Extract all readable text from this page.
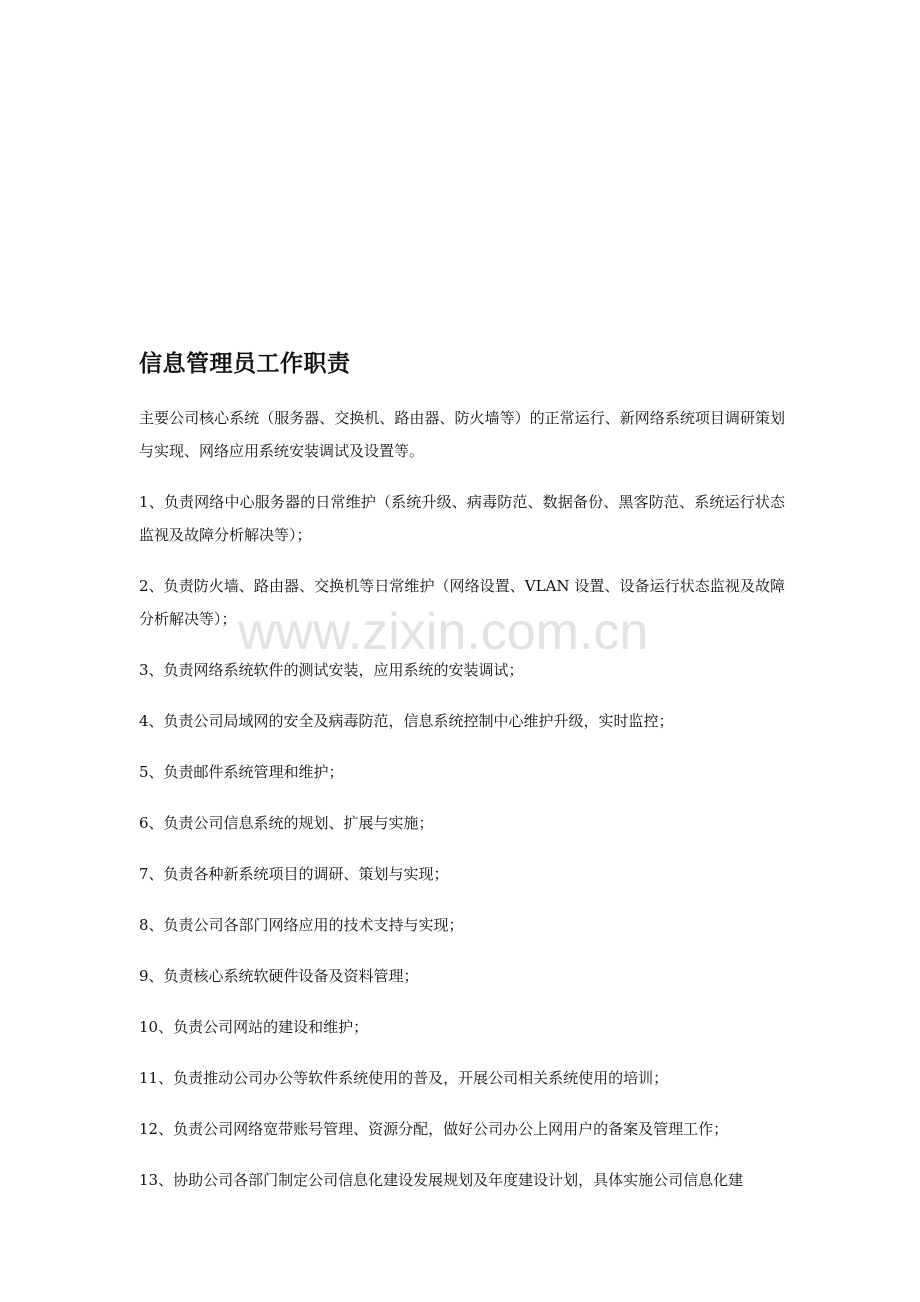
信息管理员工作职责

主要公司核心系统（服务器、交换机、路由器、防火墙等）的正常运行、新网络系统项目调研策划与实现、网络应用系统安装调试及设置等。

1、负责网络中心服务器的日常维护（系统升级、病毒防范、数据备份、黑客防范、系统运行状态监视及故障分析解决等）；

2、负责防火墙、路由器、交换机等日常维护（网络设置、VLAN 设置、设备运行状态监视及故障分析解决等）；

3、负责网络系统软件的测试安装，应用系统的安装调试；

4、负责公司局域网的安全及病毒防范，信息系统控制中心维护升级，实时监控；

5、负责邮件系统管理和维护；

6、负责公司信息系统的规划、扩展与实施；

7、负责各种新系统项目的调研、策划与实现；

8、负责公司各部门网络应用的技术支持与实现；

9、负责核心系统软硬件设备及资料管理；

10、负责公司网站的建设和维护；

11、负责推动公司办公等软件系统使用的普及，开展公司相关系统使用的培训；

12、负责公司网络宽带账号管理、资源分配，做好公司办公上网用户的备案及管理工作；

13、协助公司各部门制定公司信息化建设发展规划及年度建设计划，具体实施公司信息化建

www.zixin.com.cn
